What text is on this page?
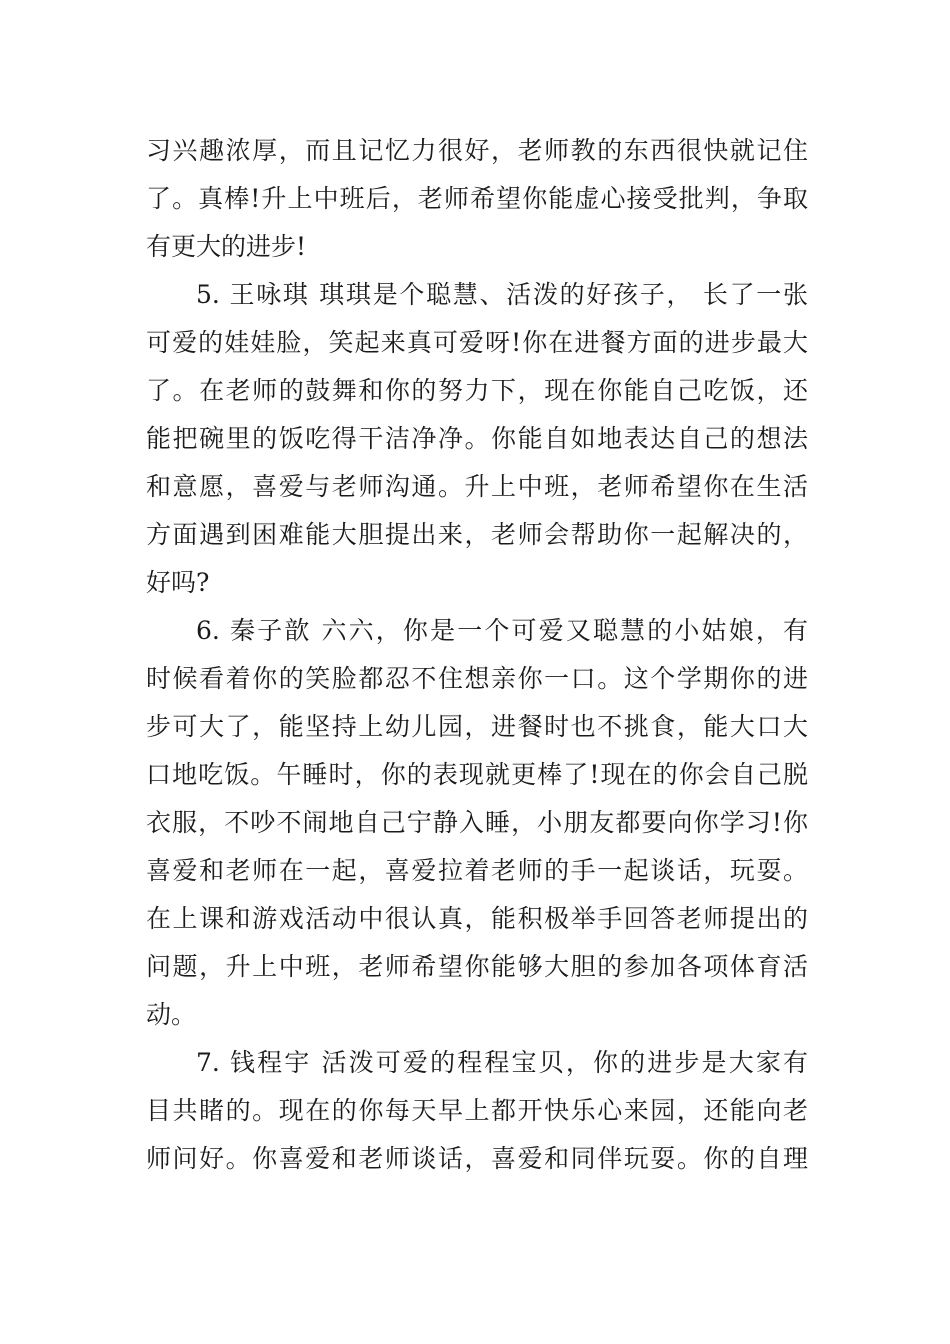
习兴趣浓厚，而且记忆力很好，老师教的东西很快就记住
了。真棒!升上中班后，老师希望你能虚心接受批判，争取
有更大的进步!
5. 王咏琪 琪琪是个聪慧、活泼的好孩子， 长了一张
可爱的娃娃脸，笑起来真可爱呀!你在进餐方面的进步最大
了。在老师的鼓舞和你的努力下，现在你能自己吃饭，还
能把碗里的饭吃得干洁净净。你能自如地表达自己的想法
和意愿，喜爱与老师沟通。升上中班，老师希望你在生活
方面遇到困难能大胆提出来，老师会帮助你一起解决的，
好吗?
6. 秦子歆 六六，你是一个可爱又聪慧的小姑娘，有
时候看着你的笑脸都忍不住想亲你一口。这个学期你的进
步可大了，能坚持上幼儿园，进餐时也不挑食，能大口大
口地吃饭。午睡时，你的表现就更棒了!现在的你会自己脱
衣服，不吵不闹地自己宁静入睡，小朋友都要向你学习!你
喜爱和老师在一起，喜爱拉着老师的手一起谈话，玩耍。
在上课和游戏活动中很认真，能积极举手回答老师提出的
问题，升上中班，老师希望你能够大胆的参加各项体育活
动。
7. 钱程宇 活泼可爱的程程宝贝，你的进步是大家有
目共睹的。现在的你每天早上都开快乐心来园，还能向老
师问好。你喜爱和老师谈话，喜爱和同伴玩耍。你的自理
